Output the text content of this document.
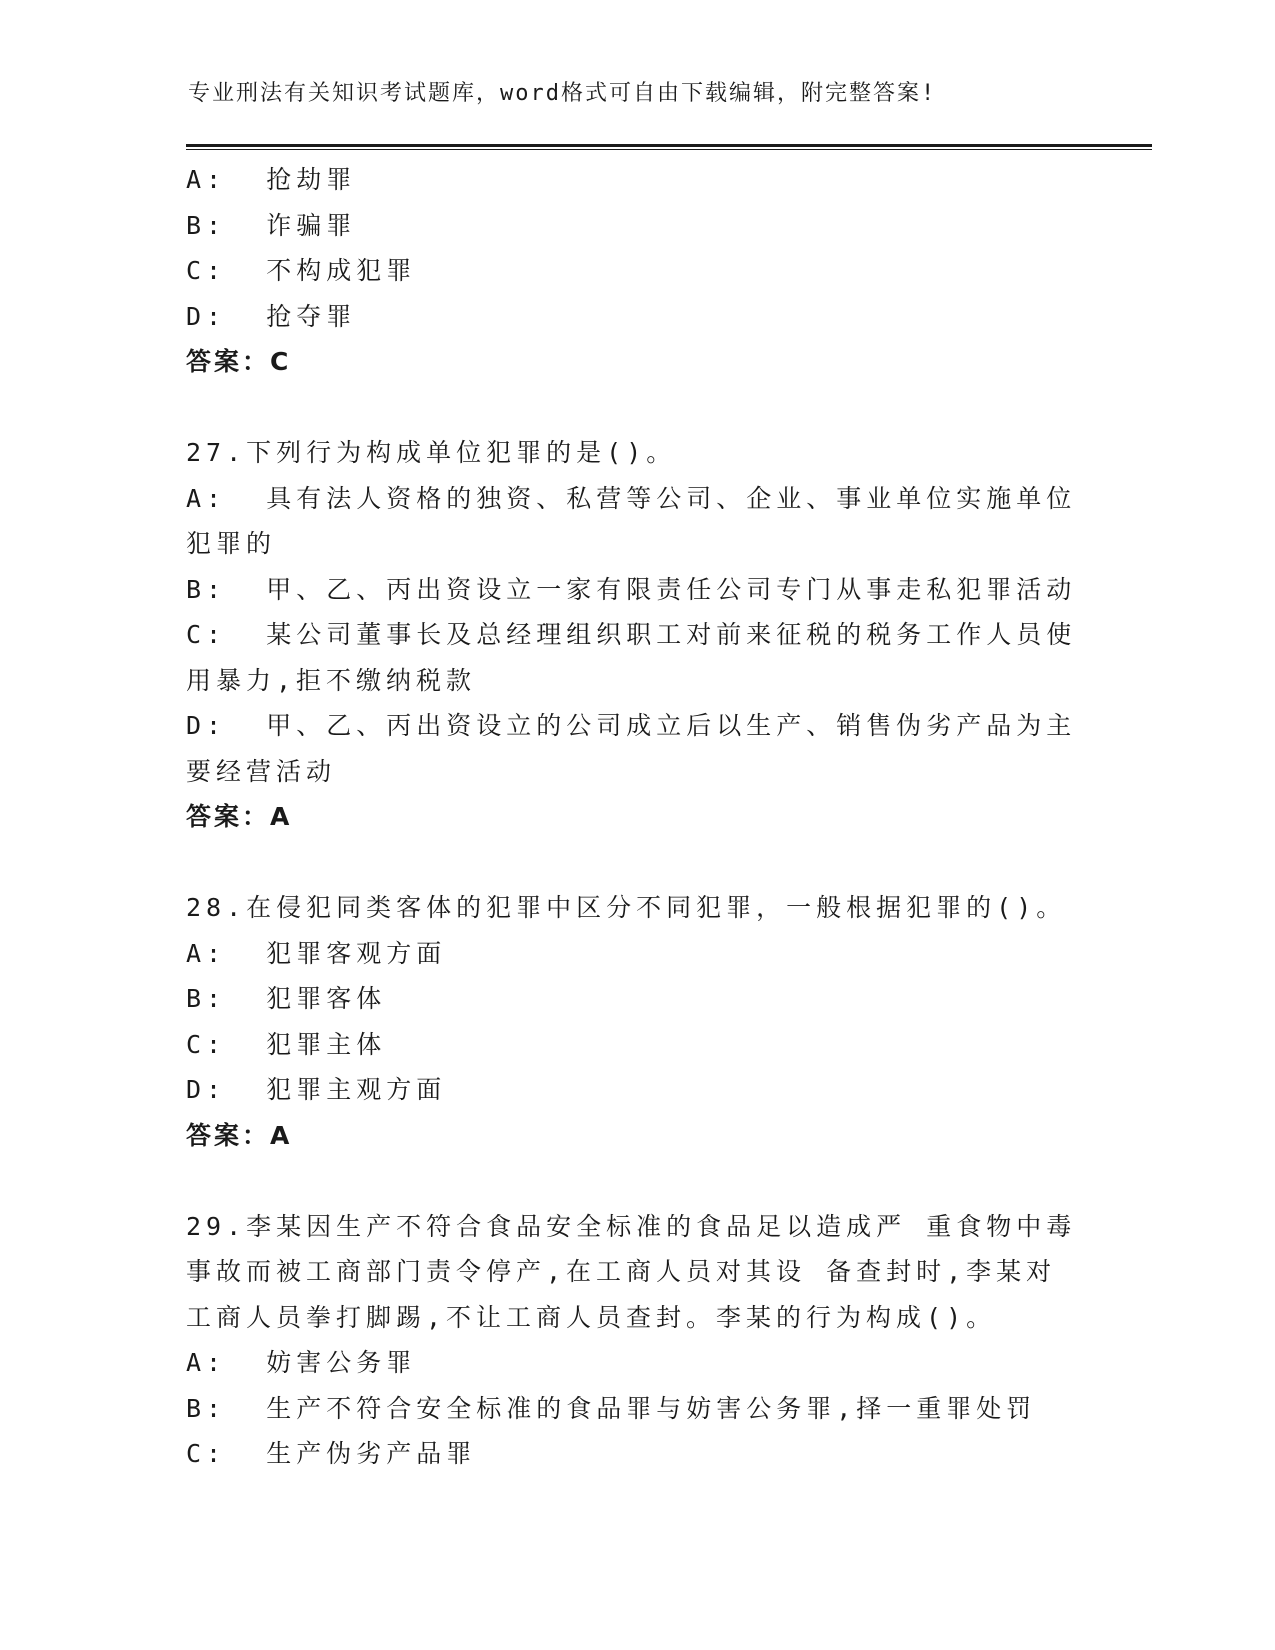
专业刑法有关知识考试题库，word格式可自由下载编辑，附完整答案!
A:  抢劫罪
B:  诈骗罪
C:  不构成犯罪
D:  抢夺罪
答案：C
27.下列行为构成单位犯罪的是()。
A:  具有法人资格的独资、私营等公司、企业、事业单位实施单位犯罪的
B:  甲、乙、丙出资设立一家有限责任公司专门从事走私犯罪活动
C:  某公司董事长及总经理组织职工对前来征税的税务工作人员使用暴力,拒不缴纳税款
D:  甲、乙、丙出资设立的公司成立后以生产、销售伪劣产品为主要经营活动
答案：A
28.在侵犯同类客体的犯罪中区分不同犯罪，一般根据犯罪的()。
A:  犯罪客观方面
B:  犯罪客体
C:  犯罪主体
D:  犯罪主观方面
答案：A
29.李某因生产不符合食品安全标准的食品足以造成严 重食物中毒事故而被工商部门责令停产,在工商人员对其设 备查封时,李某对工商人员拳打脚踢,不让工商人员查封。李某的行为构成()。
A:  妨害公务罪
B:  生产不符合安全标准的食品罪与妨害公务罪,择一重罪处罚
C:  生产伪劣产品罪
